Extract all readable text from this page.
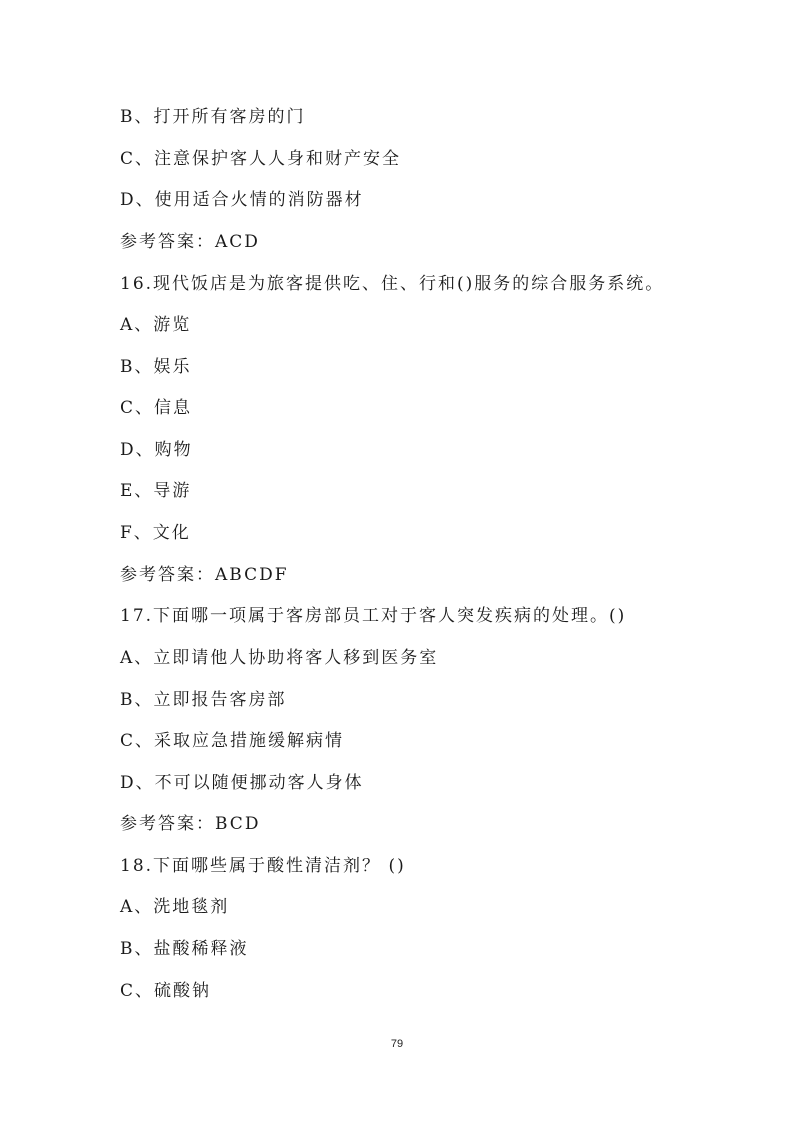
B、打开所有客房的门
C、注意保护客人人身和财产安全
D、使用适合火情的消防器材
参考答案：ACD
16.现代饭店是为旅客提供吃、住、行和()服务的综合服务系统。
A、游览
B、娱乐
C、信息
D、购物
E、导游
F、文化
参考答案：ABCDF
17.下面哪一项属于客房部员工对于客人突发疾病的处理。()
A、立即请他人协助将客人移到医务室
B、立即报告客房部
C、采取应急措施缓解病情
D、不可以随便挪动客人身体
参考答案：BCD
18.下面哪些属于酸性清洁剂？ ()
A、洗地毯剂
B、盐酸稀释液
C、硫酸钠
79
